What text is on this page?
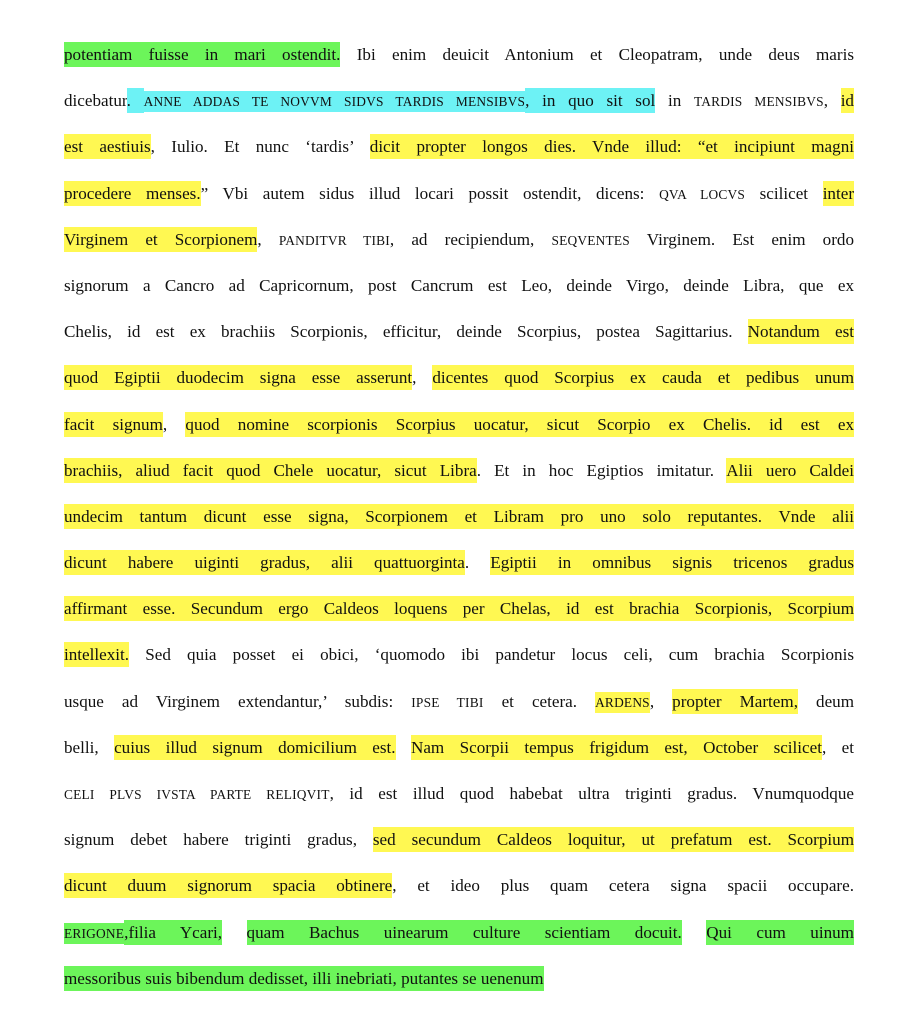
potentiam fuisse in mari ostendit. Ibi enim deuicit Antonium et Cleopatram, unde deus maris
dicebatur. ANNE ADDAS TE NOVVM SIDVS TARDIS MENSIBVS, in quo sit sol in TARDIS MENSIBVS, id
est aestiuis, Iulio. Et nunc ‘tardis’ dicit propter longos dies. Vnde illud: “et incipiunt magni
procedere menses.” Vbi autem sidus illud locari possit ostendit, dicens: QVA LOCVS scilicet inter
Virginem et Scorpionem, PANDITVR TIBI, ad recipiendum, SEQVENTES Virginem. Est enim ordo
signorum a Cancro ad Capricornum, post Cancrum est Leo, deinde Virgo, deinde Libra, que ex
Chelis, id est ex brachiis Scorpionis, efficitur, deinde Scorpius, postea Sagittarius. Notandum est
quod Egiptii duodecim signa esse asserunt, dicentes quod Scorpius ex cauda et pedibus unum
facit signum, quod nomine scorpionis Scorpius uocatur, sicut Scorpio ex Chelis. id est ex
brachiis, aliud facit quod Chele uocatur, sicut Libra. Et in hoc Egiptios imitatur. Alii uero Caldei
undecim tantum dicunt esse signa, Scorpionem et Libram pro uno solo reputantes. Vnde alii
dicunt habere uiginti gradus, alii quattuorginta. Egiptii in omnibus signis tricenos gradus
affirmant esse. Secundum ergo Caldeos loquens per Chelas, id est brachia Scorpionis, Scorpium
intellexit. Sed quia posset ei obici, ‘quomodo ibi pandetur locus celi, cum brachia Scorpionis
usque ad Virginem extendantur,’ subdis: IPSE TIBI et cetera. ARDENS, propter Martem, deum
belli, cuius illud signum domicilium est. Nam Scorpii tempus frigidum est, October scilicet, et
CELI PLVS IVSTA PARTE RELIQVIT, id est illud quod habebat ultra triginti gradus. Vnumquodque
signum debet habere triginti gradus, sed secundum Caldeos loquitur, ut prefatum est. Scorpium
dicunt duum signorum spacia obtinere, et ideo plus quam cetera signa spacii occupare.
ERIGONE,filia Ycari, quam Bachus uinearum culture scientiam docuit. Qui cum uinum
messoribus suis bibendum dedisset, illi inebriati, putantes se uenenum
